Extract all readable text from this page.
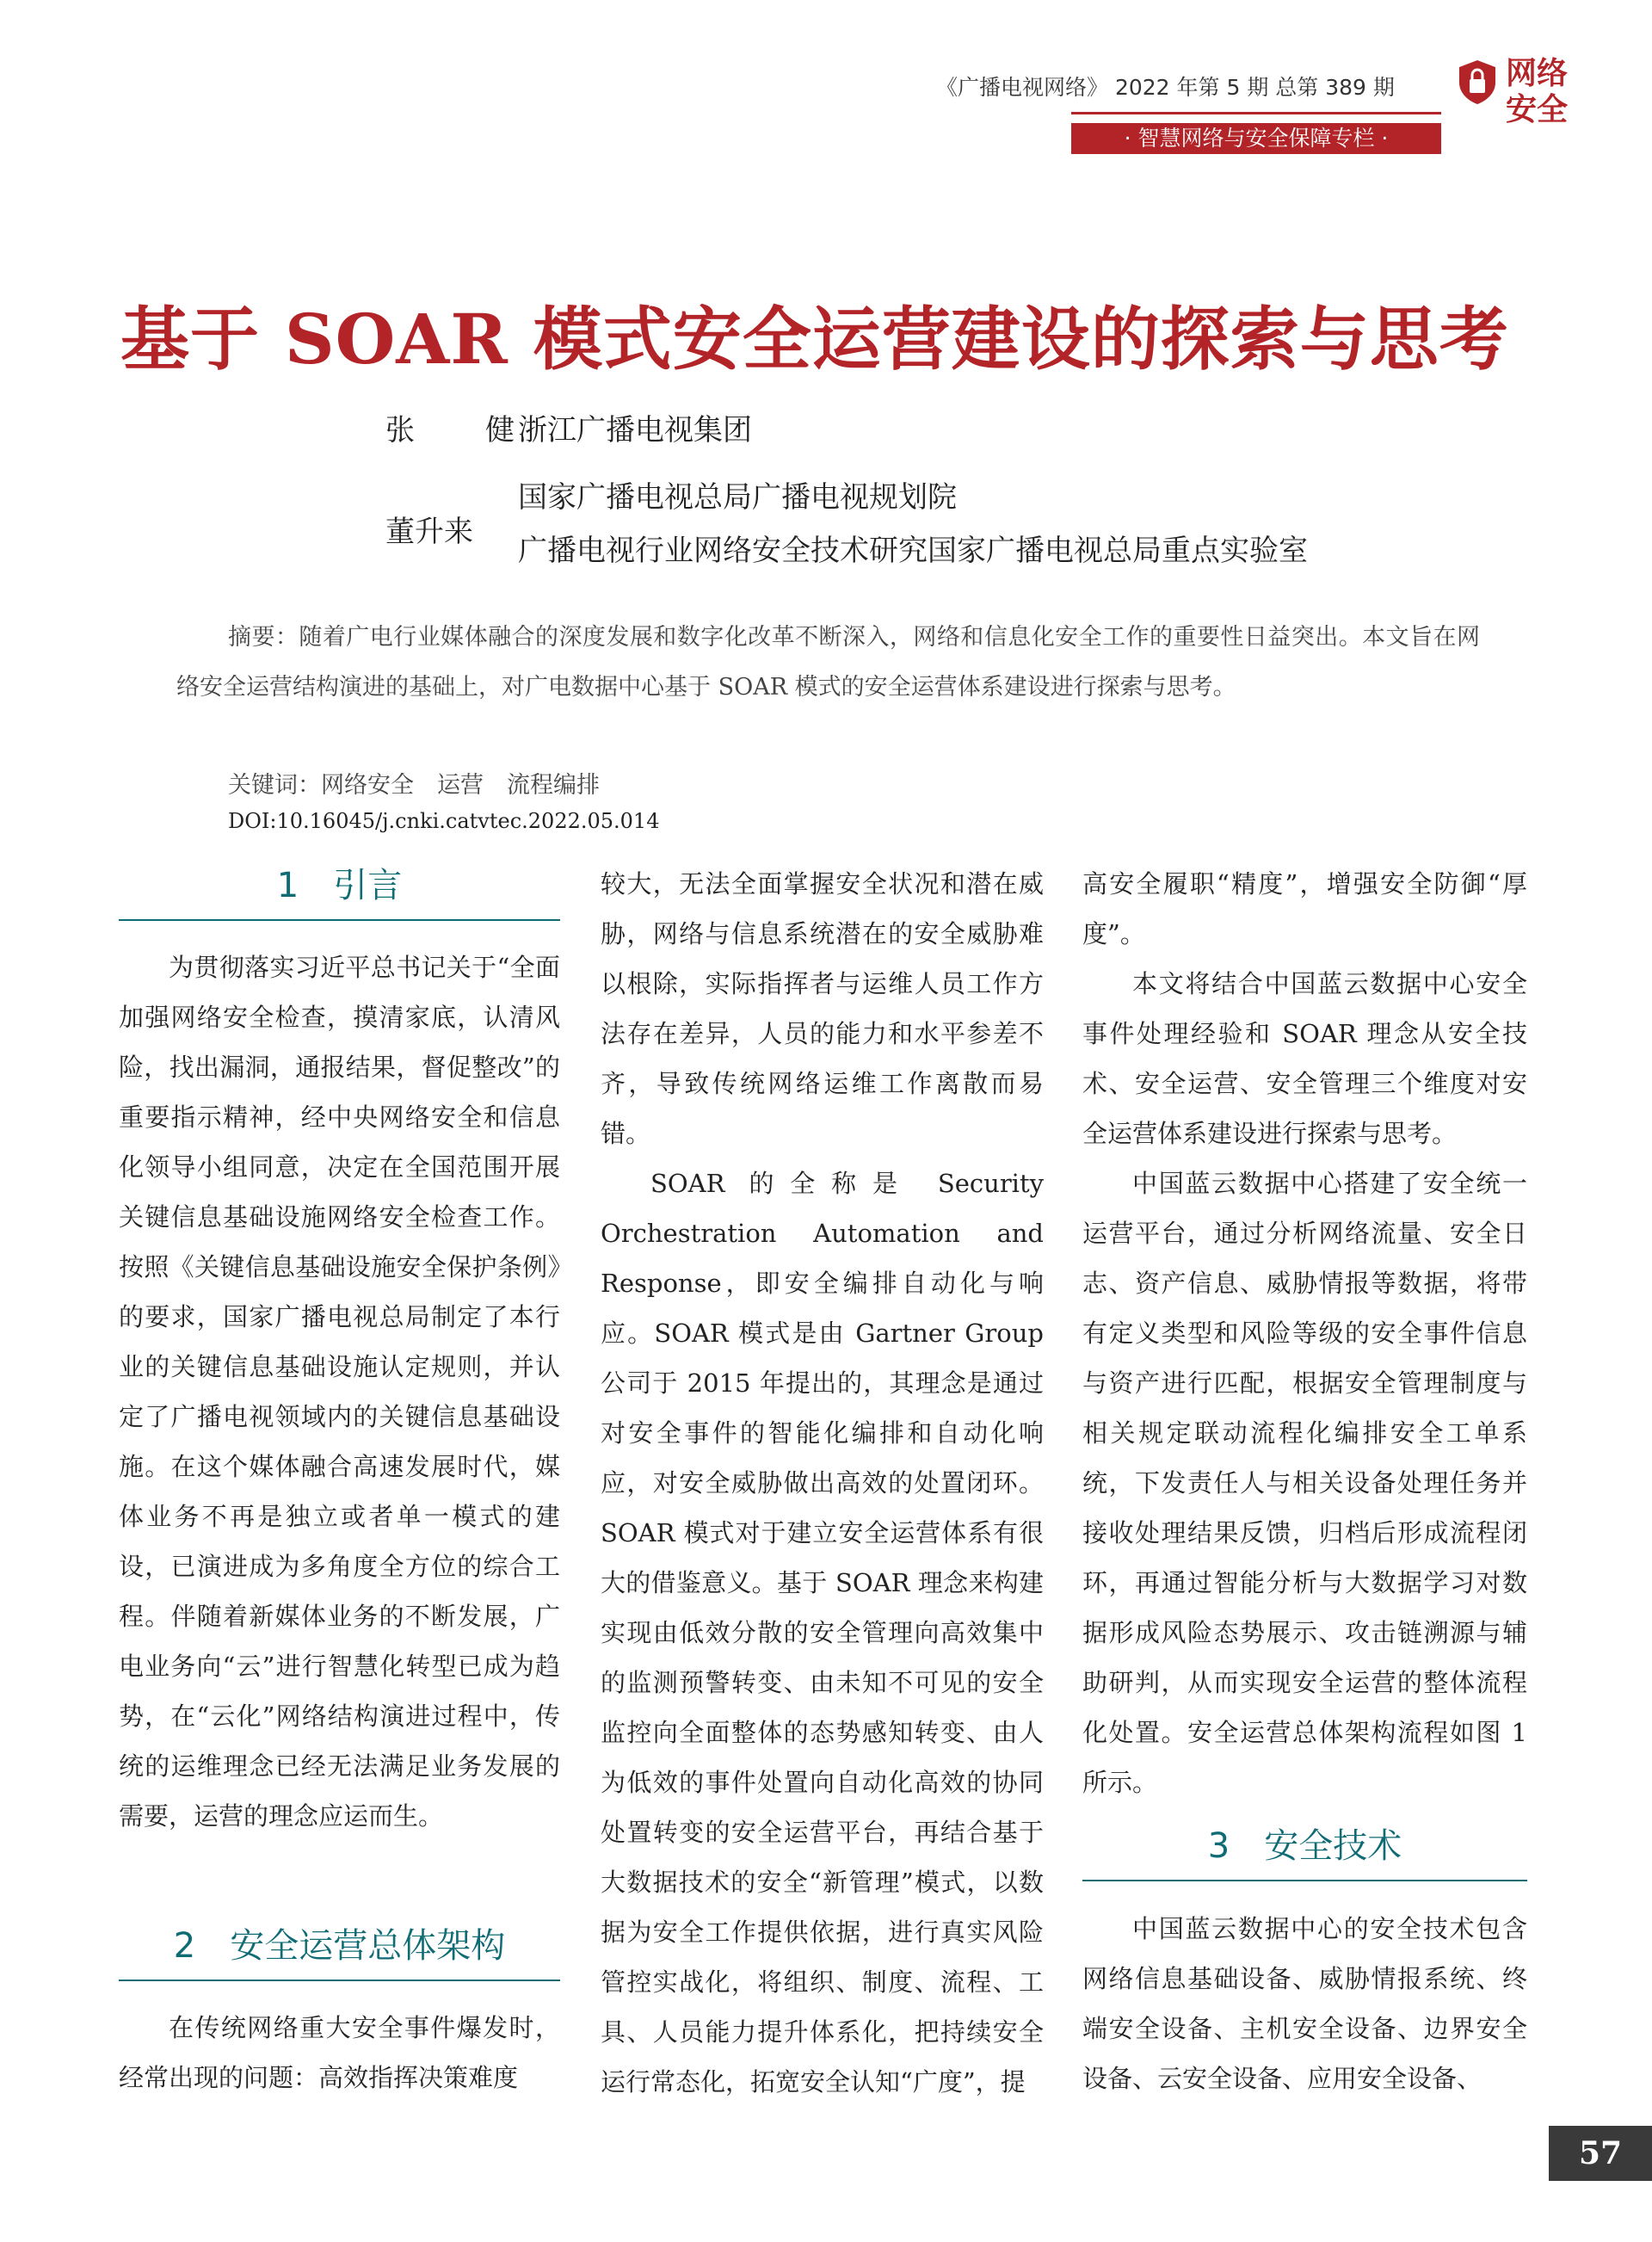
《广播电视网络》 2022 年第 5 期 总第 389 期	网络
安全
· 智慧网络与安全保障专栏 ·
基于 SOAR 模式安全运营建设的探索与思考
张　健
浙江广播电视集团
董升来
国家广播电视总局广播电视规划院
广播电视行业网络安全技术研究国家广播电视总局重点实验室
摘要：随着广电行业媒体融合的深度发展和数字化改革不断深入，网络和信息化安全工作的重要性日益突出。本文旨在网络安全运营结构演进的基础上，对广电数据中心基于 SOAR 模式的安全运营体系建设进行探索与思考。
关键词：网络安全　运营　流程编排
DOI:10.16045/j.cnki.catvtec.2022.05.014
1　引言

为贯彻落实习近平总书记关于“全面加强网络安全检查，摸清家底，认清风险，找出漏洞，通报结果，督促整改”的重要指示精神，经中央网络安全和信息化领导小组同意，决定在全国范围开展关键信息基础设施网络安全检查工作。按照《关键信息基础设施安全保护条例》的要求，国家广播电视总局制定了本行业的关键信息基础设施认定规则，并认定了广播电视领域内的关键信息基础设施。在这个媒体融合高速发展时代，媒体业务不再是独立或者单一模式的建设，已演进成为多角度全方位的综合工程。伴随着新媒体业务的不断发展，广电业务向“云”进行智慧化转型已成为趋势，在“云化”网络结构演进过程中，传统的运维理念已经无法满足业务发展的需要，运营的理念应运而生。

2　安全运营总体架构

在传统网络重大安全事件爆发时，经常出现的问题：高效指挥决策难度

较大，无法全面掌握安全状况和潜在威胁，网络与信息系统潜在的安全威胁难以根除，实际指挥者与运维人员工作方法存在差异，人员的能力和水平参差不齐，导致传统网络运维工作离散而易错。

SOAR 的全称是 Security Orchestration Automation and Response，即安全编排自动化与响应。SOAR 模式是由 Gartner Group 公司于 2015 年提出的，其理念是通过对安全事件的智能化编排和自动化响应，对安全威胁做出高效的处置闭环。SOAR 模式对于建立安全运营体系有很大的借鉴意义。基于 SOAR 理念来构建实现由低效分散的安全管理向高效集中的监测预警转变、由未知不可见的安全监控向全面整体的态势感知转变、由人为低效的事件处置向自动化高效的协同处置转变的安全运营平台，再结合基于大数据技术的安全“新管理”模式，以数据为安全工作提供依据，进行真实风险管控实战化，将组织、制度、流程、工具、人员能力提升体系化，把持续安全运行常态化，拓宽安全认知“广度”，提

高安全履职“精度”，增强安全防御“厚度”。

本文将结合中国蓝云数据中心安全事件处理经验和 SOAR 理念从安全技术、安全运营、安全管理三个维度对安全运营体系建设进行探索与思考。

中国蓝云数据中心搭建了安全统一运营平台，通过分析网络流量、安全日志、资产信息、威胁情报等数据，将带有定义类型和风险等级的安全事件信息与资产进行匹配，根据安全管理制度与相关规定联动流程化编排安全工单系统，下发责任人与相关设备处理任务并接收处理结果反馈，归档后形成流程闭环，再通过智能分析与大数据学习对数据形成风险态势展示、攻击链溯源与辅助研判，从而实现安全运营的整体流程化处置。安全运营总体架构流程如图 1 所示。

3　安全技术

中国蓝云数据中心的安全技术包含网络信息基础设备、威胁情报系统、终端安全设备、主机安全设备、边界安全设备、云安全设备、应用安全设备、

57
